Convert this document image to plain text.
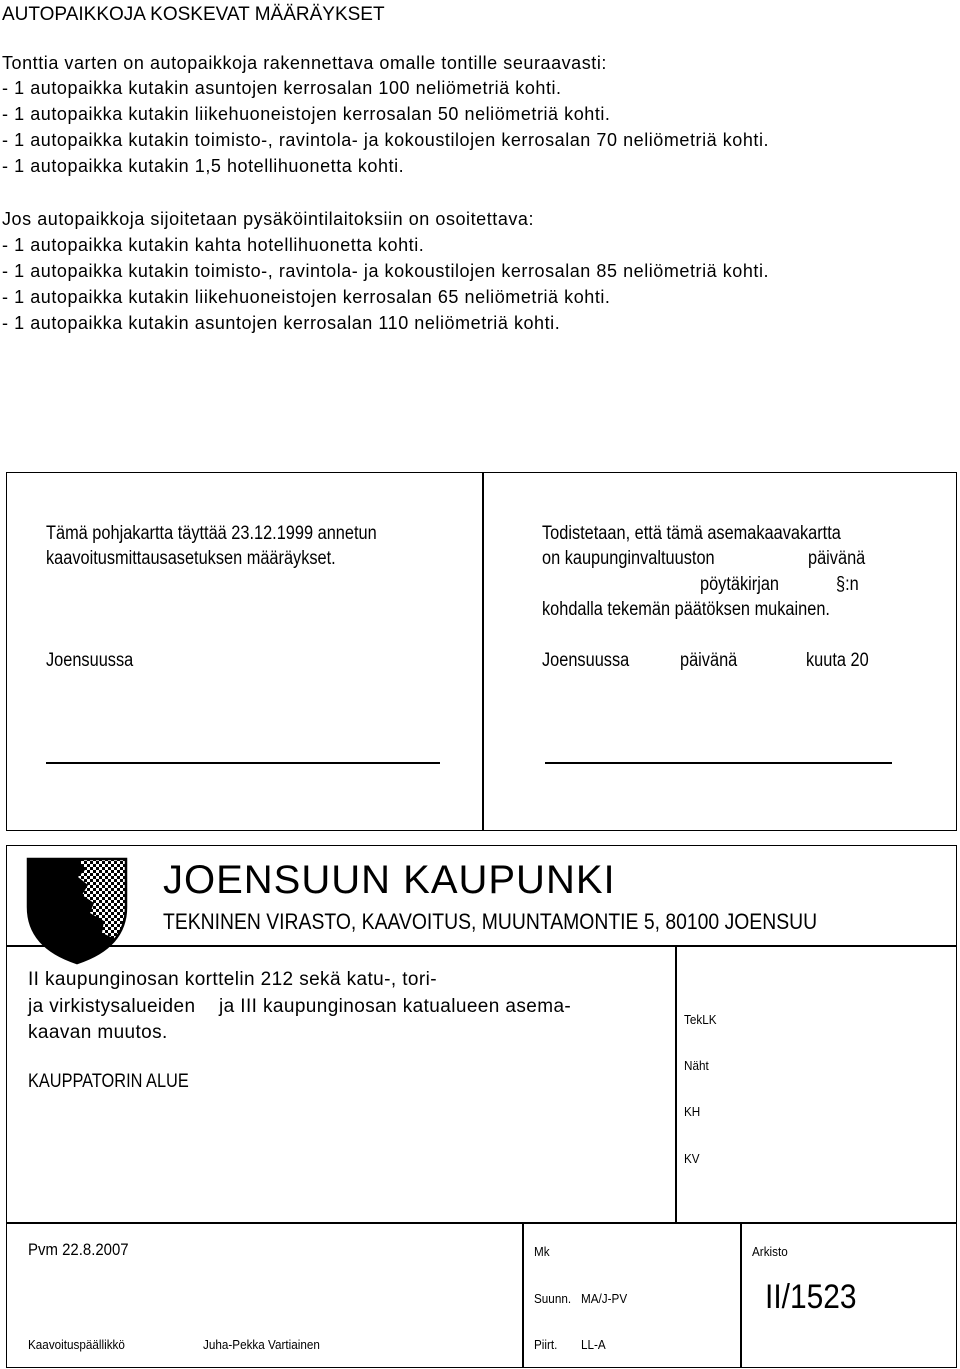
AUTOPAIKKOJA KOSKEVAT MÄÄRÄYKSET
Tonttia varten on autopaikkoja rakennettava omalle tontille seuraavasti:
- 1 autopaikka kutakin asuntojen kerrosalan 100 neliömetriä kohti.
- 1 autopaikka kutakin liikehuoneistojen kerrosalan 50 neliömetriä kohti.
- 1 autopaikka kutakin toimisto-, ravintola- ja kokoustilojen kerrosalan 70 neliömetriä kohti.
- 1 autopaikka kutakin 1,5 hotellihuonetta kohti.
Jos autopaikkoja sijoitetaan pysäköintilaitoksiin on osoitettava:
- 1 autopaikka kutakin kahta hotellihuonetta kohti.
- 1 autopaikka kutakin toimisto-, ravintola- ja kokoustilojen kerrosalan 85 neliömetriä kohti.
- 1 autopaikka kutakin liikehuoneistojen kerrosalan 65 neliömetriä kohti.
- 1 autopaikka kutakin asuntojen kerrosalan 110 neliömetriä kohti.
Tämä pohjakartta täyttää 23.12.1999 annetun
kaavoitusmittausasetuksen määräykset.
Joensuussa
Todistetaan, että tämä asemakaavakartta
on kaupunginvaltuuston	päivänä
pöytäkirjan	§:n
kohdalla tekemän päätöksen mukainen.
Joensuussa	päivänä	kuuta 20
JOENSUUN KAUPUNKI
TEKNINEN VIRASTO, KAAVOITUS, MUUNTAMONTIE 5, 80100 JOENSUU
II kaupunginosan korttelin 212 sekä katu-, tori-
ja virkistysalueiden ja III kaupunginosan katualueen asema-
kaavan muutos.
KAUPPATORIN ALUE
TekLK
Näht
KH
KV
Pvm 22.8.2007
Kaavoituspäällikkö	Juha-Pekka Vartiainen
Mk
Suunn. MA/J-PV
Piirt. LL-A
Arkisto
II/1523
